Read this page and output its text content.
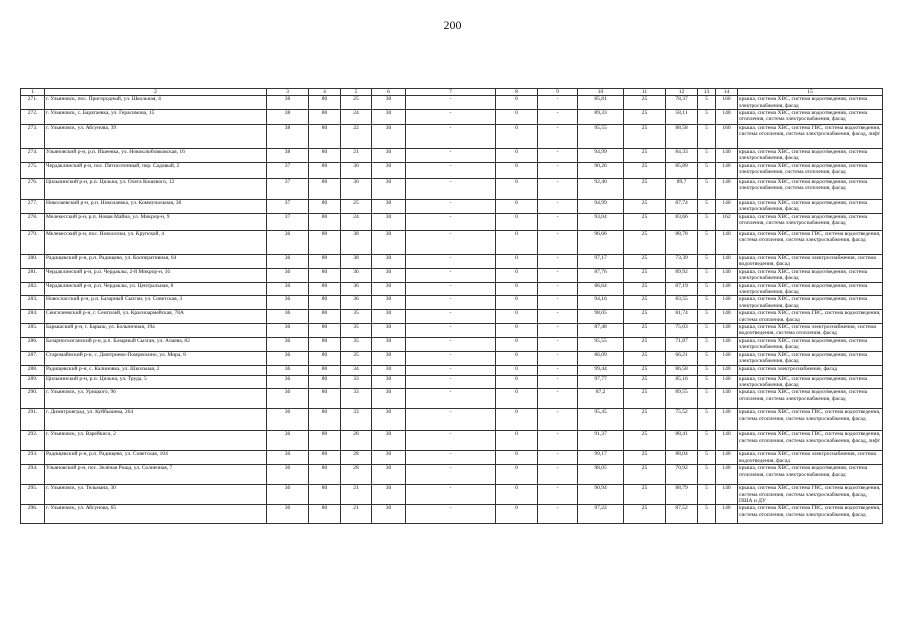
200
1	2	3	4	5	6	7	8	9	10	11	12	13	14	15
271.	г. Ульяновск, пос. Пригородный, ул. Школьная, 4	38	80	25	30	-	0	-	85,81	25	78,37	5	160	крыша, система ХВС, система водоотведения, система электроснабжения, фасад
272.	г. Ульяновск, с. Баратаевка, ул. Герасимова, 15	38	80	24	30	-	0	-	89,33	25	58,11	5	140	крыша, система ХВС, система водоотведения, система отопления, система электроснабжения, фасад
273.	г. Ульяновск, ул. Абсунова, 39	38	80	22	30	-	0	-	95,55	25	88,58	5	160	крыша, система ХВС, система ГВС, система водоотведения, система отопления, система электроснабжения, фасад, лифт
274.	Ульяновский р-н, р.п. Ишеевка, ул. Новоклюбовковская, 16	38	80	21	30	-	0	-	94,99	25	84,33	5	140	крыша, система ХВС, система водоотведения, система электроснабжения, фасад
275.	Чердаклинский р-н, пос. Пятисотенный, пер. Садовый, 2	37	80	30	30	-	0	-	90,26	25	85,89	5	140	крыша, система ХВС, система водоотведения, система электроснабжения, система отопления, фасад
276.	Цильнинский р-н, р.п. Цильна, ул. Олега Кошевого, 12	37	80	30	30	-	0	-	92,40	25	89,7	5	140	крыша, система ХВС, система водоотведения, система электроснабжения, система отопления, фасад
277.	Николаевский р-н, р.п. Николаевка, ул. Коммунальная, 38	37	80	25	30	-	0	-	94,99	25	87,74	5	140	крыша, система ХВС, система водоотведения, система электроснабжения, фасад
278.	Мелекесский р-н, р.п. Новая Майна, ул. Микрор-н, 9	37	80	24	30	-	0	-	93,04	25	83,66	5	162	крыша, система ХВС, система водоотведения, система отопления, система электроснабжения, фасад
279.	Мелекесский р-н, пос. Новоселки, ул. Крупской, 4	36	80	38	30	-	0	-	96,66	25	88,78	5	140	крыша, система ХВС, система ГВС, система водоотведения, система отопления, система электроснабжения, фасад
280.	Радищевский р-н, р.п. Радищево, ул. Кооперативная, 64	36	80	38	30	-	0	-	97,17	25	73,39	5	140	крыша, система ХВС, система электроснабжения, система водоотведения, фасад
281.	Чердаклинский р-н, р.п. Чердаклы, 2-й Микрор-н, 16	36	80	36	30	-	0	-	87,76	25	89,92	5	140	крыша, система ХВС, система водоотведения, система электроснабжения, фасад
282.	Чердаклинский р-н, р.п. Чердаклы, ул. Центральная, 8	36	80	36	30	-	0	-	86,64	25	87,19	5	140	крыша, система ХВС, система водоотведения, система электроснабжения, фасад
283.	Новоспасский р-н, р.п. Базарный Сызган, ул. Советская, 3	36	80	36	30	-	0	-	94,16	25	83,55	5	140	крыша, система ХВС, система водоотведения, система электроснабжения, фасад
284.	Сенгилеевский р-н, г. Сенгилей, ул. Красноармейская, 78А	36	80	35	30	-	0	-	98,05	25	81,74	5	140	крыша, система ХВС, система ГВС, система водоотведения, система отопления, фасад
285.	Барышский р-н, г. Барыш, ул. Больничная, 19а	36	80	35	30	-	0	-	87,48	25	75,03	5	140	крыша, система ХВС, система электроснабжения, система водоотведения, система отопления, фасад
286.	Базарносызганский р-н, р.п. Базарный Сызган, ул. Ачаева, 82	36	80	35	30	-	0	-	95,55	25	71,87	5	140	крыша, система ХВС, система водоотведения, система электроснабжения, фасад
287.	Старомайнский р-н, с. Дмитриево-Помряскино, ул. Мира, 8	36	80	35	30	-	0	-	86,09	25	66,21	5	140	крыша, система ХВС, система водоотведения, система электроснабжения, фасад
288.	Радищевский р-н, с. Калиновка, ул. Школьная, 2	36	80	34	30	-	0	-	99,44	25	86,58	5	140	крыша, система электроснабжения, фасад
289.	Цильнинский р-н, р.п. Цильна, ул. Труда, 5	36	80	33	30	-	0	-	97,77	25	85,16	5	140	крыша, система ХВС, система водоотведения, система электроснабжения, фасад
290.	г. Ульяновск, ул. Урицкого, 96	36	80	33	30	-	0	-	87,2	25	89,55	5	140	крыша, система ХВС, система водоотведения, система отопления, система электроснабжения, фасад
291.	г. Димитровград, ул. Куйбышева, 264	36	80	33	30	-	0	-	95,45	25	75,52	5	140	крыша, система ХВС, система ГВС, система водоотведения, система отопления, система электроснабжения, фасад
292.	г. Ульяновск, ул. Варейкиса, 2	36	80	28	30	-	0	-	91,37	25	88,41	5	140	крыша, система ХВС, система ГВС, система водоотведения, система отопления, система электроснабжения, фасад, лифт
293.	Радищевский р-н, р.п. Радищево, ул. Советская, 104	36	80	28	30	-	0	-	99,17	25	88,04	5	140	крыша, система ХВС, система электроснабжения, система водоотведения, фасад
294.	Ульяновский р-н, пос. Зелёная Роща, ул. Солнечная, 7	36	80	28	30	-	0	-	98,05	25	70,92	5	140	крыша, система ХВС, система водоотведения, система отопления, система электроснабжения, фасад
295.	г. Ульяновск, ул. Тельмана, 30	36	80	21	30	-	0	-	90,94	25	88,79	5	140	крыша, система ХВС, система ГВС, система водоотведения, система отопления, система электроснабжения, фасад, ПША и ДУ
296.	г. Ульяновск, ул. Абсунова, 65	36	80	21	30	-	0	-	97,22	25	87,52	5	140	крыша, система ХВС, система ГВС, система водоотведения, система отопления, система электроснабжения, фасад
